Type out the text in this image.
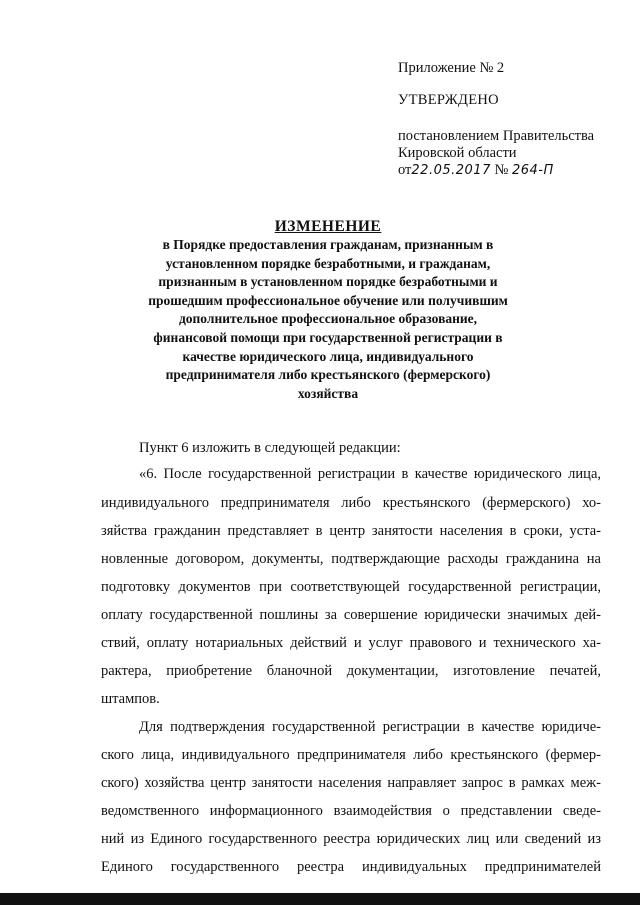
Приложение № 2
УТВЕРЖДЕНО
постановлением Правительства
Кировской области
от22.05.2017 № 264-П
ИЗМЕНЕНИЕ
в Порядке предоставления гражданам, признанным в
установленном порядке безработными, и гражданам,
признанным в установленном порядке безработными и
прошедшим профессиональное обучение или получившим
дополнительное профессиональное образование,
финансовой помощи при государственной регистрации в
качестве юридического лица, индивидуального
предпринимателя либо крестьянского (фермерского)
хозяйства
Пункт 6 изложить в следующей редакции:
«6. После государственной регистрации в качестве юридического лица,
индивидуального предпринимателя либо крестьянского (фермерского) хо-
зяйства гражданин представляет в центр занятости населения в сроки, уста-
новленные договором, документы, подтверждающие расходы гражданина на
подготовку документов при соответствующей государственной регистрации,
оплату государственной пошлины за совершение юридически значимых дей-
ствий, оплату нотариальных действий и услуг правового и технического ха-
рактера, приобретение бланочной документации, изготовление печатей,
штампов.
Для подтверждения государственной регистрации в качестве юридиче-
ского лица, индивидуального предпринимателя либо крестьянского (фермер-
ского) хозяйства центр занятости населения направляет запрос в рамках меж-
ведомственного информационного взаимодействия о представлении сведе-
ний из Единого государственного реестра юридических лиц или сведений из
Единого государственного реестра индивидуальных предпринимателей
